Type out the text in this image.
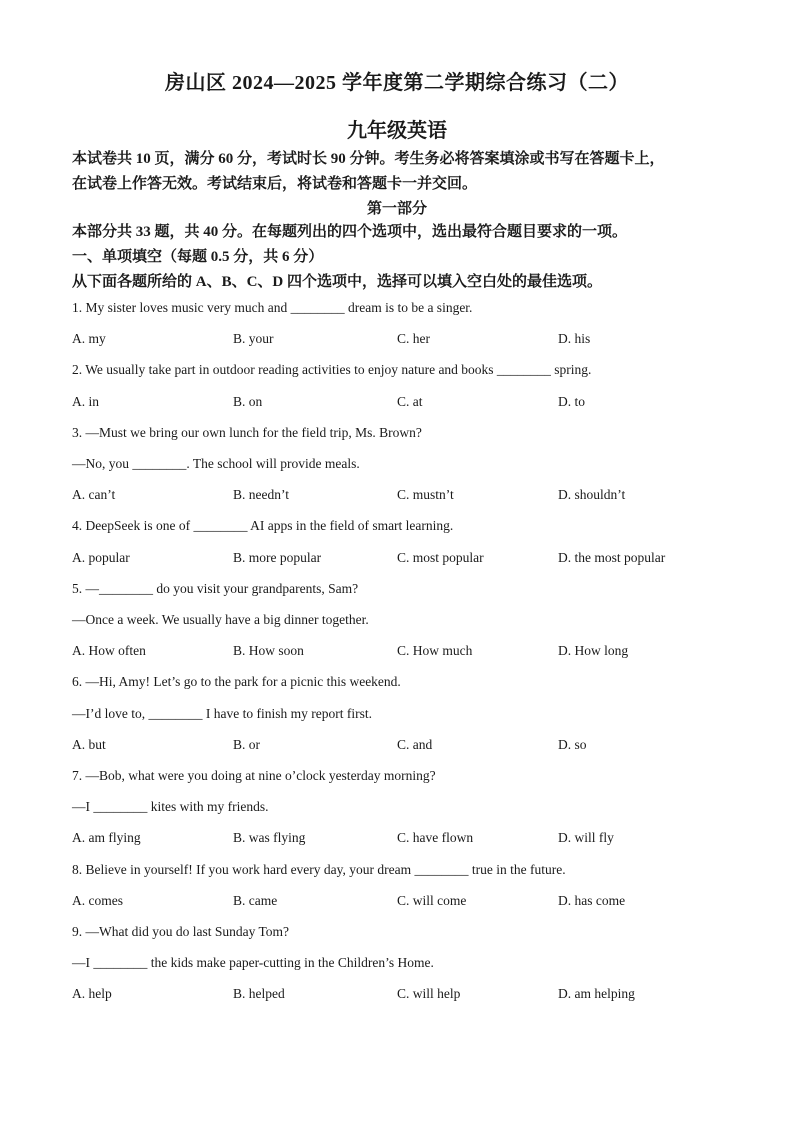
房山区 2024—2025 学年度第二学期综合练习（二）
九年级英语
本试卷共 10 页，满分 60 分，考试时长 90 分钟。考生务必将答案填涂或书写在答题卡上，
在试卷上作答无效。考试结束后，将试卷和答题卡一并交回。
第一部分
本部分共 33 题，共 40 分。在每题列出的四个选项中，选出最符合题目要求的一项。
一、单项填空（每题 0.5 分，共 6 分）
从下面各题所给的 A、B、C、D 四个选项中，选择可以填入空白处的最佳选项。
1. My sister loves music very much and ________ dream is to be a singer.
A. my	B. your	C. her	D. his
2. We usually take part in outdoor reading activities to enjoy nature and books ________ spring.
A. in	B. on	C. at	D. to
3. —Must we bring our own lunch for the field trip, Ms. Brown?
—No, you ________. The school will provide meals.
A. can’t	B. needn’t	C. mustn’t	D. shouldn’t
4. DeepSeek is one of ________ AI apps in the field of smart learning.
A. popular	B. more popular	C. most popular	D. the most popular
5. —________ do you visit your grandparents, Sam?
—Once a week. We usually have a big dinner together.
A. How often	B. How soon	C. How much	D. How long
6. —Hi, Amy! Let’s go to the park for a picnic this weekend.
—I’d love to, ________ I have to finish my report first.
A. but	B. or	C. and	D. so
7. —Bob, what were you doing at nine o’clock yesterday morning?
—I ________ kites with my friends.
A. am flying	B. was flying	C. have flown	D. will fly
8. Believe in yourself! If you work hard every day, your dream ________ true in the future.
A. comes	B. came	C. will come	D. has come
9. —What did you do last Sunday Tom?
—I ________ the kids make paper-cutting in the Children’s Home.
A. help	B. helped	C. will help	D. am helping
